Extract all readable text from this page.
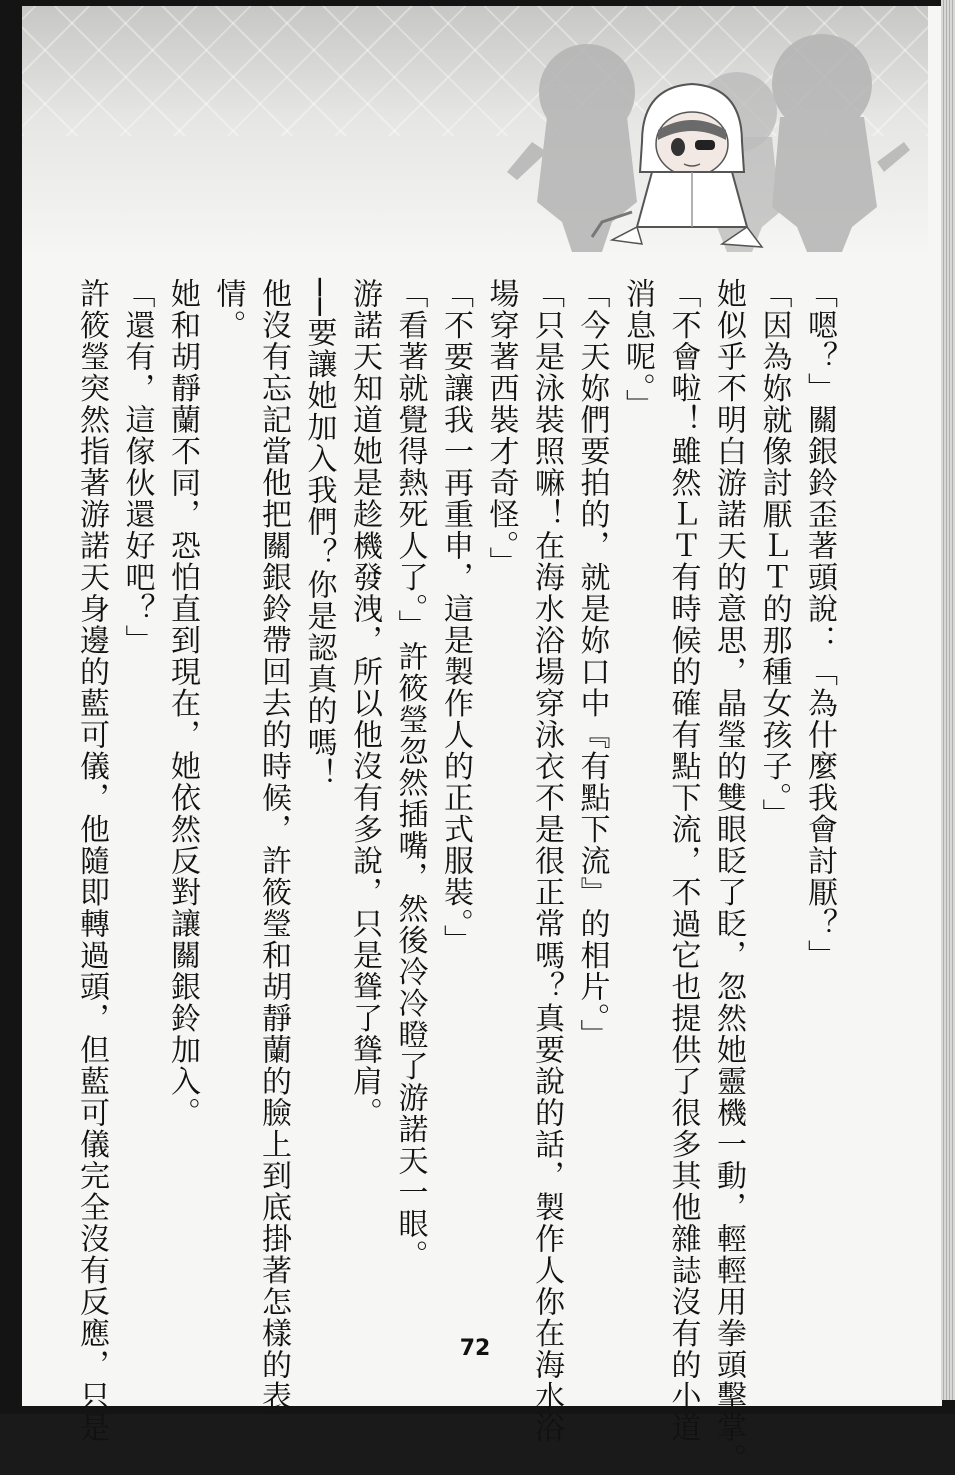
「嗯？」關銀鈴歪著頭說：「為什麼我會討厭？」
「因為妳就像討厭ＬＴ的那種女孩子。」
她似乎不明白游諾天的意思，晶瑩的雙眼眨了眨，忽然她靈機一動，輕輕用拳頭擊掌。
「不會啦！雖然ＬＴ有時候的確有點下流，不過它也提供了很多其他雜誌沒有的小道
消息呢。」
「今天妳們要拍的，就是妳口中『有點下流』的相片。」
「只是泳裝照嘛！在海水浴場穿泳衣不是很正常嗎？真要說的話，製作人你在海水浴
場穿著西裝才奇怪。」
「不要讓我一再重申，這是製作人的正式服裝。」
「看著就覺得熱死人了。」許筱瑩忽然插嘴，然後冷冷瞪了游諾天一眼。
游諾天知道她是趁機發洩，所以他沒有多說，只是聳了聳肩。
──要讓她加入我們？你是認真的嗎！
他沒有忘記當他把關銀鈴帶回去的時候，許筱瑩和胡靜蘭的臉上到底掛著怎樣的表
情。
她和胡靜蘭不同，恐怕直到現在，她依然反對讓關銀鈴加入。
「還有，這傢伙還好吧？」
許筱瑩突然指著游諾天身邊的藍可儀，他隨即轉過頭，但藍可儀完全沒有反應，只是	72
